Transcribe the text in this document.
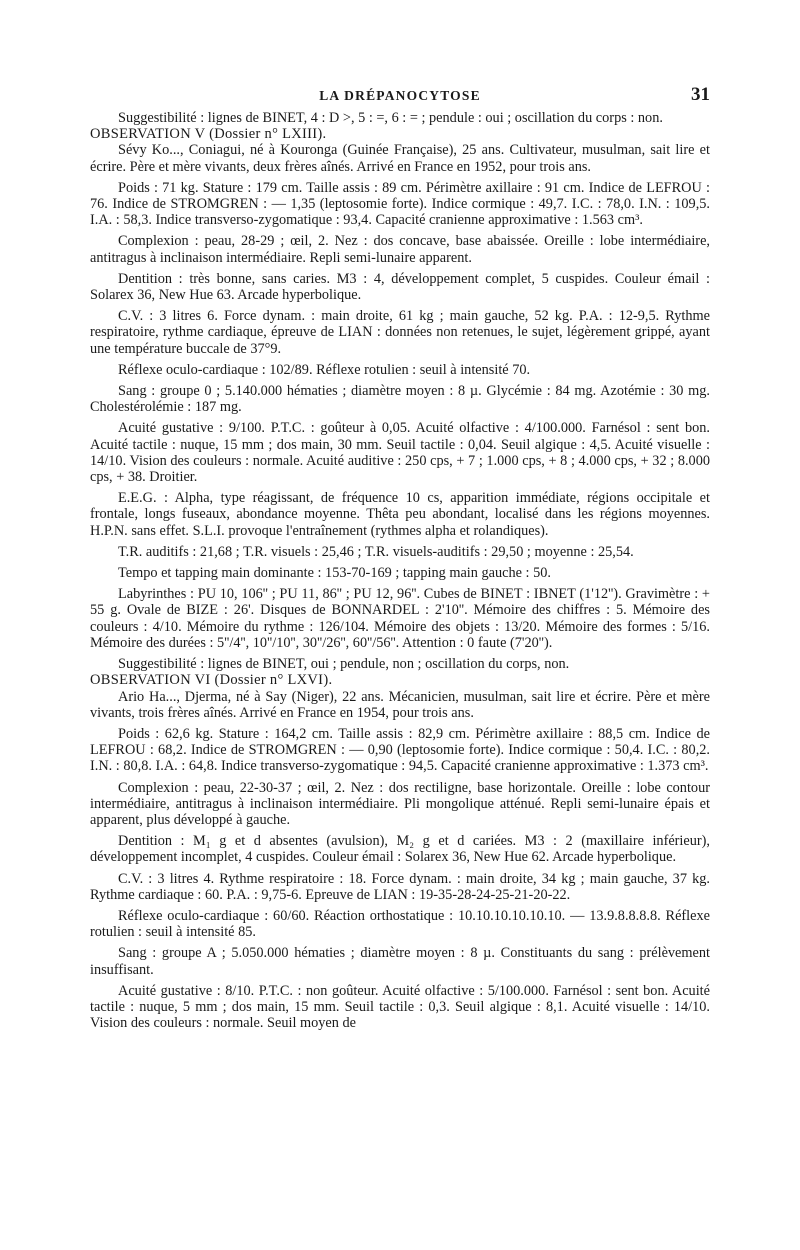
LA DRÉPANOCYTOSE	31

Suggestibilité : lignes de BINET, 4 : D >, 5 : =, 6 : = ; pendule : oui ; oscillation du corps : non.

OBSERVATION V (Dossier n° LXIII).

Sévy Ko..., Coniagui, né à Kouronga (Guinée Française), 25 ans. Cultivateur, musulman, sait lire et écrire. Père et mère vivants, deux frères aînés. Arrivé en France en 1952, pour trois ans.

Poids : 71 kg. Stature : 179 cm. Taille assis : 89 cm. Périmètre axillaire : 91 cm. Indice de LEFROU : 76. Indice de STROMGREN : — 1,35 (leptosomie forte). Indice cormique : 49,7. I.C. : 78,0. I.N. : 109,5. I.A. : 58,3. Indice transverso-zygomatique : 93,4. Capacité cranienne approximative : 1.563 cm³.

Complexion : peau, 28-29 ; œil, 2. Nez : dos concave, base abaissée. Oreille : lobe intermédiaire, antitragus à inclinaison intermédiaire. Repli semi-lunaire apparent.

Dentition : très bonne, sans caries. M3 : 4, développement complet, 5 cuspides. Couleur émail : Solarex 36, New Hue 63. Arcade hyperbolique.

C.V. : 3 litres 6. Force dynam. : main droite, 61 kg ; main gauche, 52 kg. P.A. : 12-9,5. Rythme respiratoire, rythme cardiaque, épreuve de LIAN : données non retenues, le sujet, légèrement grippé, ayant une température buccale de 37°9.

Réflexe oculo-cardiaque : 102/89. Réflexe rotulien : seuil à intensité 70.

Sang : groupe 0 ; 5.140.000 hématies ; diamètre moyen : 8 µ. Glycémie : 84 mg. Azotémie : 30 mg. Cholestérolémie : 187 mg.

Acuité gustative : 9/100. P.T.C. : goûteur à 0,05. Acuité olfactive : 4/100.000. Farnésol : sent bon. Acuité tactile : nuque, 15 mm ; dos main, 30 mm. Seuil tactile : 0,04. Seuil algique : 4,5. Acuité visuelle : 14/10. Vision des couleurs : normale. Acuité auditive : 250 cps, + 7 ; 1.000 cps, + 8 ; 4.000 cps, + 32 ; 8.000 cps, + 38. Droitier.

E.E.G. : Alpha, type réagissant, de fréquence 10 cs, apparition immédiate, régions occipitale et frontale, longs fuseaux, abondance moyenne. Thêta peu abondant, localisé dans les régions moyennes. H.P.N. sans effet. S.L.I. provoque l'entraînement (rythmes alpha et rolandiques).

T.R. auditifs : 21,68 ; T.R. visuels : 25,46 ; T.R. visuels-auditifs : 29,50 ; moyenne : 25,54.

Tempo et tapping main dominante : 153-70-169 ; tapping main gauche : 50.

Labyrinthes : PU 10, 106'' ; PU 11, 86'' ; PU 12, 96''. Cubes de BINET : IBNET (1'12''). Gravimètre : + 55 g. Ovale de BIZE : 26'. Disques de BONNARDEL : 2'10''. Mémoire des chiffres : 5. Mémoire des couleurs : 4/10. Mémoire du rythme : 126/104. Mémoire des objets : 13/20. Mémoire des formes : 5/16. Mémoire des durées : 5''/4'', 10''/10'', 30''/26'', 60''/56''. Attention : 0 faute (7'20'').

Suggestibilité : lignes de BINET, oui ; pendule, non ; oscillation du corps, non.

OBSERVATION VI (Dossier n° LXVI).

Ario Ha..., Djerma, né à Say (Niger), 22 ans. Mécanicien, musulman, sait lire et écrire. Père et mère vivants, trois frères aînés. Arrivé en France en 1954, pour trois ans.

Poids : 62,6 kg. Stature : 164,2 cm. Taille assis : 82,9 cm. Périmètre axillaire : 88,5 cm. Indice de LEFROU : 68,2. Indice de STROMGREN : — 0,90 (leptosomie forte). Indice cormique : 50,4. I.C. : 80,2. I.N. : 80,8. I.A. : 64,8. Indice transverso-zygomatique : 94,5. Capacité cranienne approximative : 1.373 cm³.

Complexion : peau, 22-30-37 ; œil, 2. Nez : dos rectiligne, base horizontale. Oreille : lobe contour intermédiaire, antitragus à inclinaison intermédiaire. Pli mongolique atténué. Repli semi-lunaire épais et apparent, plus développé à gauche.

Dentition : M₁ g et d absentes (avulsion), M₂ g et d cariées. M3 : 2 (maxillaire inférieur), développement incomplet, 4 cuspides. Couleur émail : Solarex 36, New Hue 62. Arcade hyperbolique.

C.V. : 3 litres 4. Rythme respiratoire : 18. Force dynam. : main droite, 34 kg ; main gauche, 37 kg. Rythme cardiaque : 60. P.A. : 9,75-6. Epreuve de LIAN : 19-35-28-24-25-21-20-22.

Réflexe oculo-cardiaque : 60/60. Réaction orthostatique : 10.10.10.10.10.10. — 13.9.8.8.8.8. Réflexe rotulien : seuil à intensité 85.

Sang : groupe A ; 5.050.000 hématies ; diamètre moyen : 8 µ. Constituants du sang : prélèvement insuffisant.

Acuité gustative : 8/10. P.T.C. : non goûteur. Acuité olfactive : 5/100.000. Farnésol : sent bon. Acuité tactile : nuque, 5 mm ; dos main, 15 mm. Seuil tactile : 0,3. Seuil algique : 8,1. Acuité visuelle : 14/10. Vision des couleurs : normale. Seuil moyen de
